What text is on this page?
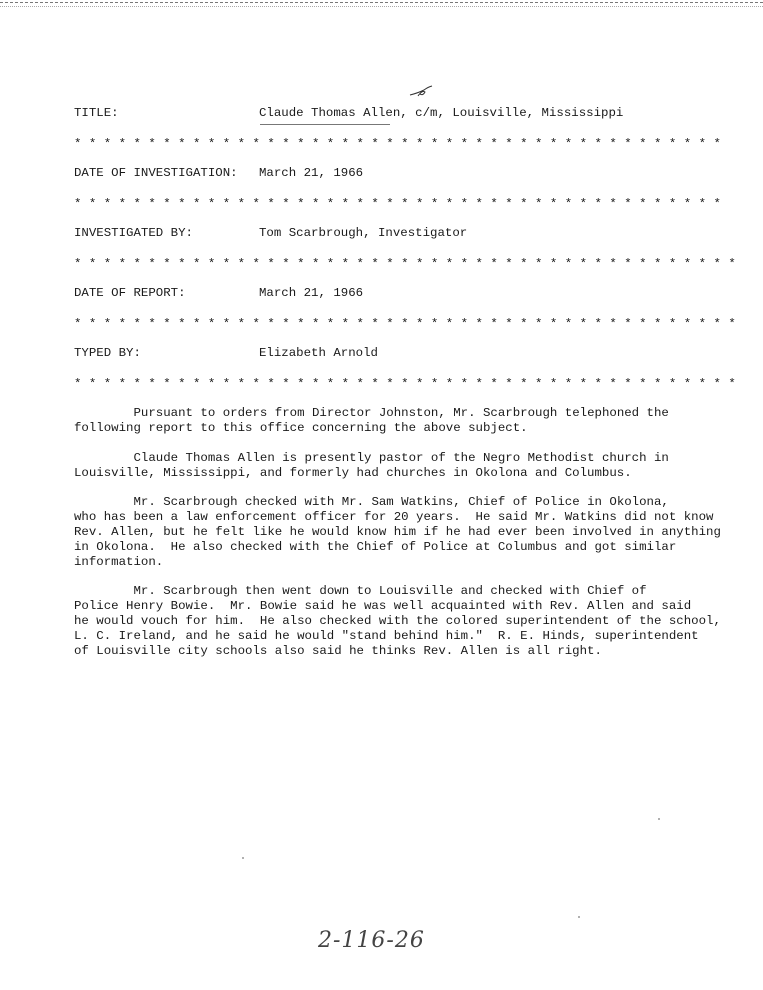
TITLE:	Claude Thomas Allen, c/m, Louisville, Mississippi
* * * * * * * * * * * * * * * * * * * * * * * * * * * * * * * * * * * * * * * * * * * *
DATE OF INVESTIGATION: March 21, 1966
* * * * * * * * * * * * * * * * * * * * * * * * * * * * * * * * * * * * * * * * * * * *
INVESTIGATED BY:	Tom Scarbrough, Investigator
* * * * * * * * * * * * * * * * * * * * * * * * * * * * * * * * * * * * * * * * * * * * *
DATE OF REPORT:	March 21, 1966
* * * * * * * * * * * * * * * * * * * * * * * * * * * * * * * * * * * * * * * * * * * * *
TYPED BY:	Elizabeth Arnold
* * * * * * * * * * * * * * * * * * * * * * * * * * * * * * * * * * * * * * * * * * * * *
Pursuant to orders from Director Johnston, Mr. Scarbrough telephoned the
following report to this office concerning the above subject.
Claude Thomas Allen is presently pastor of the Negro Methodist church in
Louisville, Mississippi, and formerly had churches in Okolona and Columbus.
Mr. Scarbrough checked with Mr. Sam Watkins, Chief of Police in Okolona,
who has been a law enforcement officer for 20 years.  He said Mr. Watkins did not know
Rev. Allen, but he felt like he would know him if he had ever been involved in anything
in Okolona.  He also checked with the Chief of Police at Columbus and got similar
information.
Mr. Scarbrough then went down to Louisville and checked with Chief of
Police Henry Bowie.  Mr. Bowie said he was well acquainted with Rev. Allen and said
he would vouch for him.  He also checked with the colored superintendent of the school,
L. C. Ireland, and he said he would "stand behind him."  R. E. Hinds, superintendent
of Louisville city schools also said he thinks Rev. Allen is all right.
2-116-26
